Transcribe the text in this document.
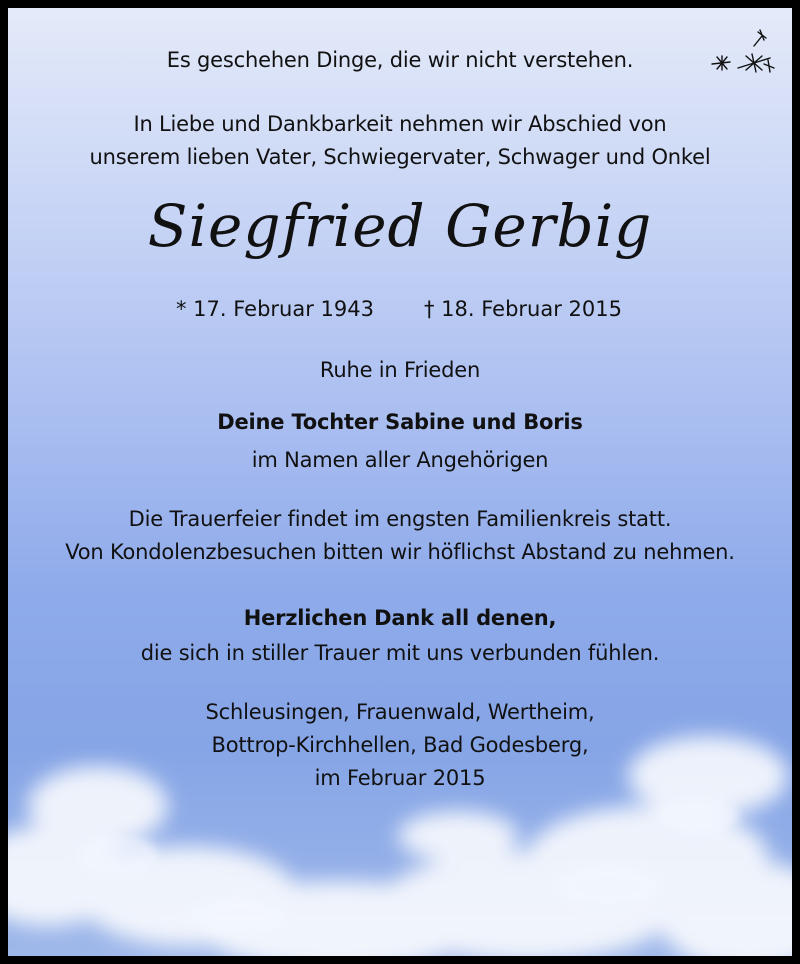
Es geschehen Dinge, die wir nicht verstehen.
In Liebe und Dankbarkeit nehmen wir Abschied von
unserem lieben Vater, Schwiegervater, Schwager und Onkel
Siegfried Gerbig
* 17. Februar 1943 † 18. Februar 2015
Ruhe in Frieden
Deine Tochter Sabine und Boris
im Namen aller Angehörigen
Die Trauerfeier findet im engsten Familienkreis statt.
Von Kondolenzbesuchen bitten wir höflichst Abstand zu nehmen.
Herzlichen Dank all denen,
die sich in stiller Trauer mit uns verbunden fühlen.
Schleusingen, Frauenwald, Wertheim,
Bottrop-Kirchhellen, Bad Godesberg,
im Februar 2015
